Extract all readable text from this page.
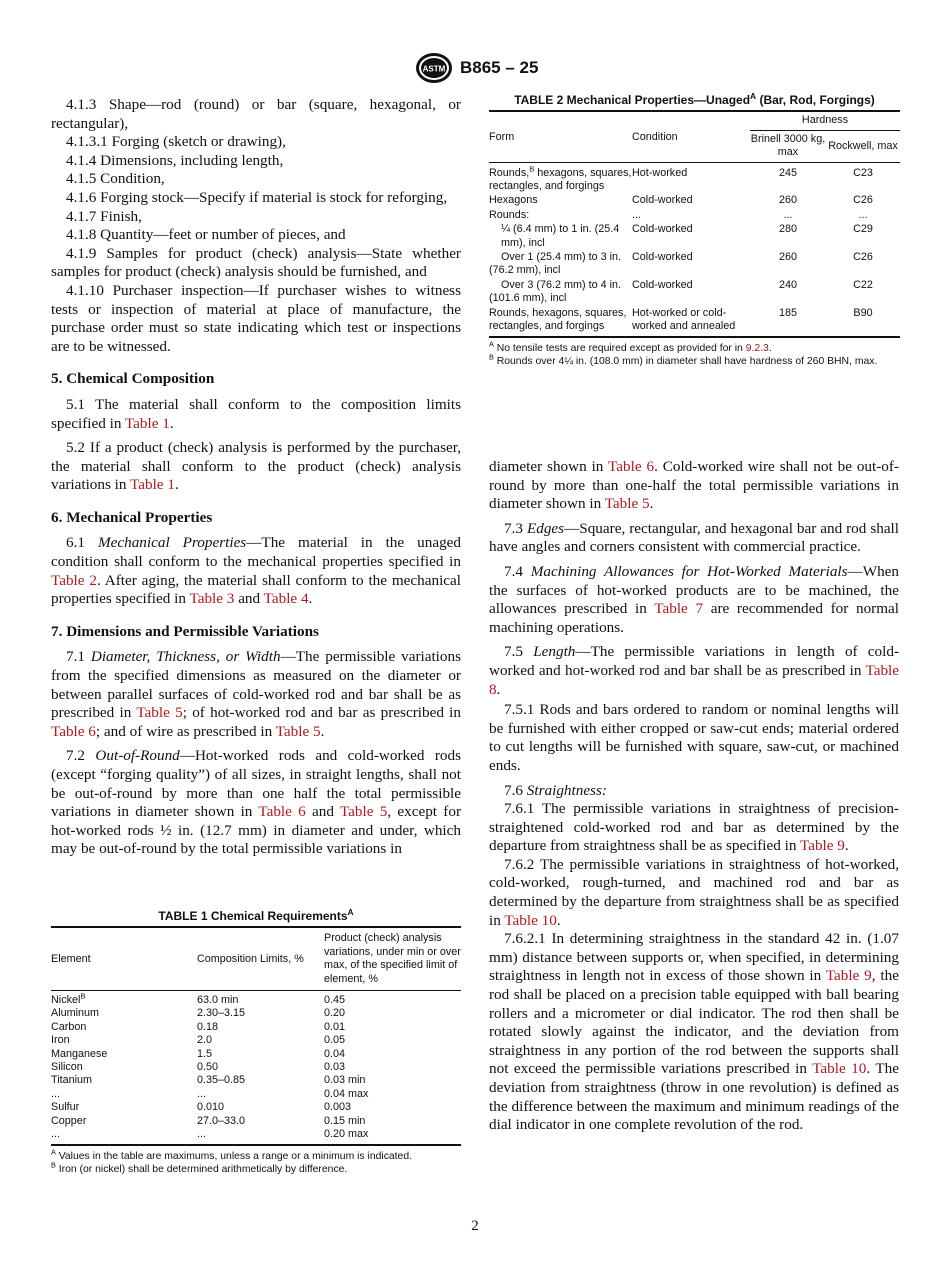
ASTM B865 – 25

4.1.3 Shape—rod (round) or bar (square, hexagonal, or rectangular),

4.1.3.1 Forging (sketch or drawing),

4.1.4 Dimensions, including length,

4.1.5 Condition,

4.1.6 Forging stock—Specify if material is stock for reforging,

4.1.7 Finish,

4.1.8 Quantity—feet or number of pieces, and

4.1.9 Samples for product (check) analysis—State whether samples for product (check) analysis should be furnished, and

4.1.10 Purchaser inspection—If purchaser wishes to witness tests or inspection of material at place of manufacture, the purchase order must so state indicating which test or inspections are to be witnessed.

5. Chemical Composition

5.1 The material shall conform to the composition limits specified in Table 1.

5.2 If a product (check) analysis is performed by the purchaser, the material shall conform to the product (check) analysis variations in Table 1.

6. Mechanical Properties

6.1 Mechanical Properties—The material in the unaged condition shall conform to the mechanical properties specified in Table 2. After aging, the material shall conform to the mechanical properties specified in Table 3 and Table 4.

7. Dimensions and Permissible Variations

7.1 Diameter, Thickness, or Width—The permissible variations from the specified dimensions as measured on the diameter or between parallel surfaces of cold-worked rod and bar shall be as prescribed in Table 5; of hot-worked rod and bar as prescribed in Table 6; and of wire as prescribed in Table 5.

7.2 Out-of-Round—Hot-worked rods and cold-worked rods (except “forging quality”) of all sizes, in straight lengths, shall not be out-of-round by more than one half the total permissible variations in diameter shown in Table 6 and Table 5, except for hot-worked rods ½ in. (12.7 mm) in diameter and under, which may be out-of-round by the total permissible variations in

TABLE 1 Chemical Requirements$^A$
Element	Composition Limits, %	Product (check) analysis variations, under min or over max, of the specified limit of element, %
Nickel$^B$	63.0 min	0.45
Aluminum	2.30–3.15	0.20
Carbon	0.18	0.01
Iron	2.0	0.05
Manganese	1.5	0.04
Silicon	0.50	0.03
Titanium	0.35–0.85	0.03 min
...	...	0.04 max
Sulfur	0.010	0.003
Copper	27.0–33.0	0.15 min
...	...	0.20 max
$^A$ Values in the table are maximums, unless a range or a minimum is indicated.
$^B$ Iron (or nickel) shall be determined arithmetically by difference.
TABLE 2 Mechanical Properties—Unaged$^A$ (Bar, Rod, Forgings)
Form	Condition	Hardness	
		Brinell 3000 kg, max	Rockwell, max

Rounds,$^B$ hexagons, squares, rectangles, and forgings	Hot-worked	245	C23
Hexagons	Cold-worked	260	C26
Rounds:	...	...	...
¼ (6.4 mm) to 1 in. (25.4 mm), incl	Cold-worked	280	C29
Over 1 (25.4 mm) to 3 in. (76.2 mm), incl	Cold-worked	260	C26
Over 3 (76.2 mm) to 4 in. (101.6 mm), incl	Cold-worked	240	C22
Rounds, hexagons, squares, rectangles, and forgings	Hot-worked or cold-worked and annealed	185	B90
$^A$ No tensile tests are required except as provided for in 9.2.3.
$^B$ Rounds over 4¼ in. (108.0 mm) in diameter shall have hardness of 260 BHN, max.

diameter shown in Table 6. Cold-worked wire shall not be out-of-round by more than one-half the total permissible variations in diameter shown in Table 5.

7.3 Edges—Square, rectangular, and hexagonal bar and rod shall have angles and corners consistent with commercial practice.

7.4 Machining Allowances for Hot-Worked Materials—When the surfaces of hot-worked products are to be machined, the allowances prescribed in Table 7 are recommended for normal machining operations.

7.5 Length—The permissible variations in length of cold-worked and hot-worked rod and bar shall be as prescribed in Table 8.

7.5.1 Rods and bars ordered to random or nominal lengths will be furnished with either cropped or saw-cut ends; material ordered to cut lengths will be furnished with square, saw-cut, or machined ends.

7.6 Straightness:

7.6.1 The permissible variations in straightness of precision-straightened cold-worked rod and bar as determined by the departure from straightness shall be as specified in Table 9.

7.6.2 The permissible variations in straightness of hot-worked, cold-worked, rough-turned, and machined rod and bar as determined by the departure from straightness shall be as specified in Table 10.

7.6.2.1 In determining straightness in the standard 42 in. (1.07 mm) distance between supports or, when specified, in determining straightness in length not in excess of those shown in Table 9, the rod shall be placed on a precision table equipped with ball bearing rollers and a micrometer or dial indicator. The rod then shall be rotated slowly against the indicator, and the deviation from straightness in any portion of the rod between the supports shall not exceed the permissible variations prescribed in Table 10. The deviation from straightness (throw in one revolution) is defined as the difference between the maximum and minimum readings of the dial indicator in one complete revolution of the rod.

2
